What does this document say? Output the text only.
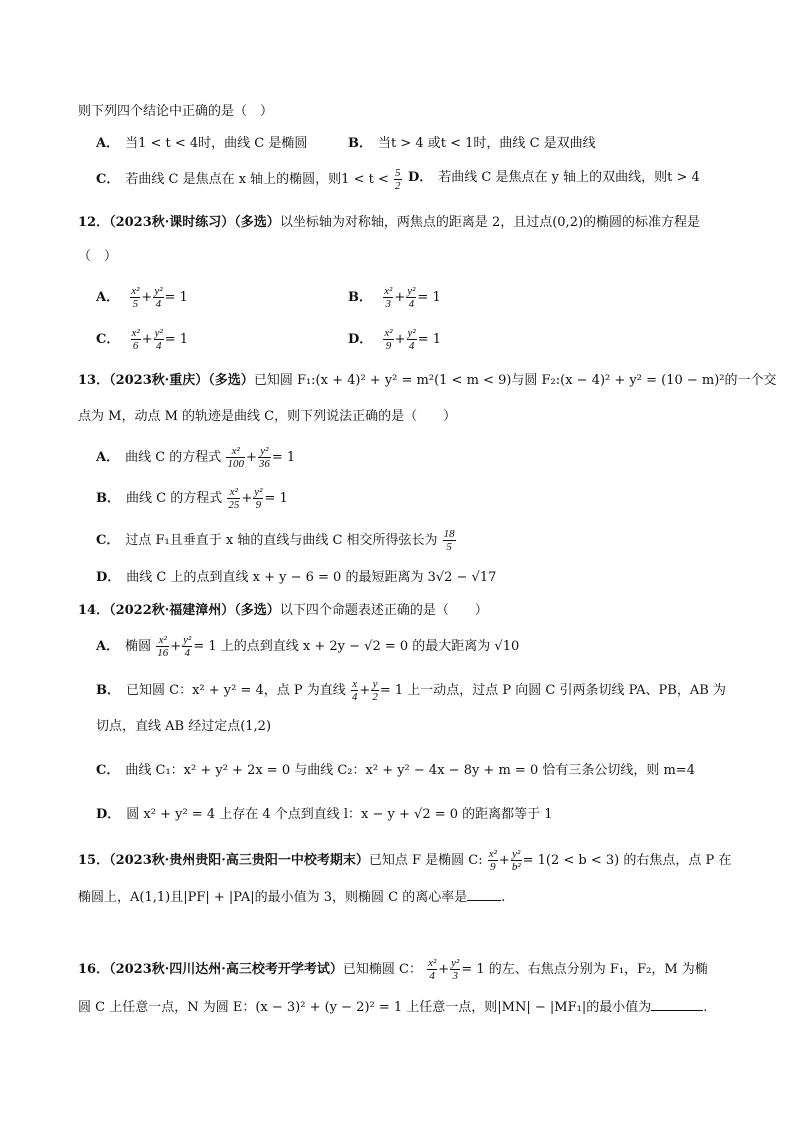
则下列四个结论中正确的是（　）
A． 当1 < t < 4时，曲线 C 是椭圆	B． 当t > 4 或t < 1时，曲线 C 是双曲线
C． 若曲线 C 是焦点在 x 轴上的椭圆，则$1 < t < \frac{5}{2}$ D． 若曲线 C 是焦点在 y 轴上的双曲线，则t > 4
12．（2023秋·课时练习）（多选）以坐标轴为对称轴，两焦点的距离是 2，且过点(0,2)的椭圆的标准方程是
（　）
A． $\frac{\text{x²}}{5} + \frac{\text{y²}}{4} = 1$	B． $\frac{\text{x²}}{3} + \frac{\text{y²}}{4} = 1$
C． $\frac{\text{x²}}{6} + \frac{\text{y²}}{4} = 1$	D． $\frac{\text{x²}}{9} + \frac{\text{y²}}{4} = 1$
13．（2023秋·重庆）（多选）已知圆 F₁:(x + 4)² + y² = m²(1 < m < 9)与圆 F₂:(x − 4)² + y² = (10 − m)²的一个交
点为 M，动点 M 的轨迹是曲线 C，则下列说法正确的是（　　）
A． 曲线 C 的方程式 $\frac{\text{x²}}{100} + \frac{\text{y²}}{36} = 1$
B． 曲线 C 的方程式 $\frac{\text{x²}}{25} + \frac{\text{y²}}{9} = 1$
C． 过点 F₁且垂直于 x 轴的直线与曲线 C 相交所得弦长为 $\frac{18}{5}$
D． 曲线 C 上的点到直线 x + y − 6 = 0 的最短距离为 3√2 − √17
14．（2022秋·福建漳州）（多选）以下四个命题表述正确的是（　　）
A． 椭圆 $\frac{\text{x²}}{16} + \frac{\text{y²}}{4} = 1$ 上的点到直线 x + 2y − √2 = 0 的最大距离为 √10
B． 已知圆 C：x² + y² = 4，点 P 为直线 $\frac{x}{4} + \frac{y}{2} = 1$ 上一动点，过点 P 向圆 C 引两条切线 PA、PB，AB 为
切点，直线 AB 经过定点(1,2)
C． 曲线 C₁：x² + y² + 2x = 0 与曲线 C₂：x² + y² − 4x − 8y + m = 0 恰有三条公切线，则 m=4
D． 圆 x² + y² = 4 上存在 4 个点到直线 l：x − y + √2 = 0 的距离都等于 1
15．（2023秋·贵州贵阳·高三贵阳一中校考期末）已知点 F 是椭圆 C: $\frac{\text{x²}}{9} + \frac{\text{y²}}{\text{b²}} = 1(2 < b < 3)$ 的右焦点，点 P 在
椭圆上，A(1,1)且|PF| + |PA|的最小值为 3，则椭圆 C 的离心率是	.
16．（2023秋·四川达州·高三校考开学考试）已知椭圆 C： $\frac{\text{x²}}{4} + \frac{\text{y²}}{3} = 1$ 的左、右焦点分别为 F₁，F₂，M 为椭
圆 C 上任意一点，N 为圆 E：(x − 3)² + (y − 2)² = 1 上任意一点，则|MN| − |MF₁|的最小值为	.
